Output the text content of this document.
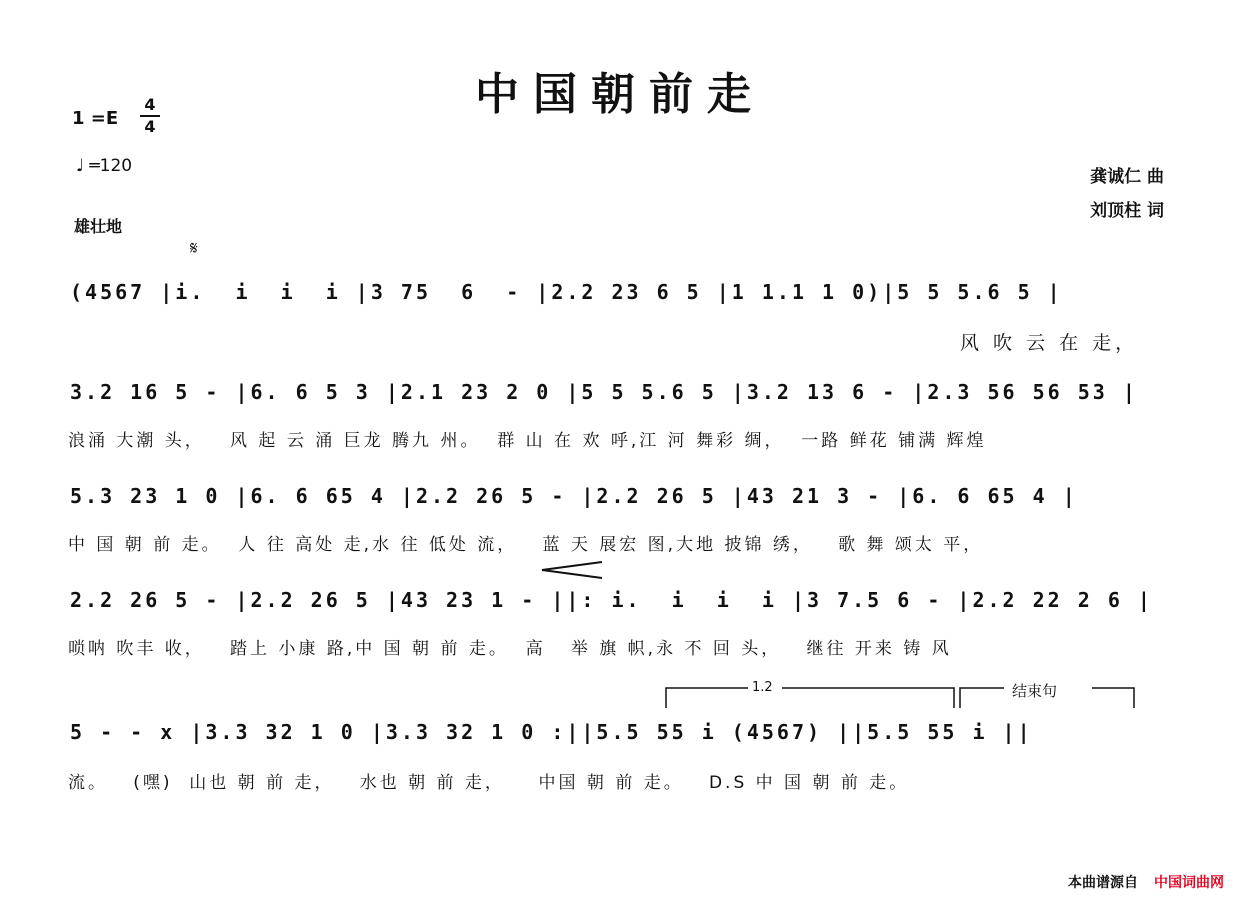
中国朝前走
1 =E
4
4
♩ ═120
雄壮地
龚诚仁 曲
刘顶柱 词
𝄋
(4567 |i.  i  i  i |3 75  6  - |2.2 23 6 5 |1 1.1 1 0)|5 5 5.6 5 |
风 吹 云 在 走，
3.2 16 5 - |6. 6 5 3 |2.1 23 2 0 |5 5 5.6 5 |3.2 13 6 - |2.3 56 56 53 |
浪涌 大潮 头，   风 起 云 涌 巨龙 腾九 州。  群 山 在 欢 呼,江 河 舞彩 绸，  一路 鲜花 铺满 辉煌
5.3 23 1 0 |6. 6 65 4 |2.2 26 5 - |2.2 26 5 |43 21 3 - |6. 6 65 4 |
中 国 朝 前 走。  人 往 高处 走,水 往 低处 流，   蓝 天 展宏 图,大地 披锦 绣，   歌 舞 颂太 平，
2.2 26 5 - |2.2 26 5 |43 23 1 - ||: i.  i  i  i |3 7.5 6 - |2.2 22 2 6 |
唢呐 吹丰 收，   踏上 小康 路,中 国 朝 前 走。  高   举 旗 帜,永 不 回 头，   继往 开来 铸 风
1.2	结束句
5 - - x |3.3 32 1 0 |3.3 32 1 0 :||5.5 55 i (4567) ||5.5 55 i ||
流。   (嘿)  山也 朝 前 走，   水也 朝 前 走，    中国 朝 前 走。   D.S 中 国 朝 前 走。
本曲谱源自 中国词曲网
